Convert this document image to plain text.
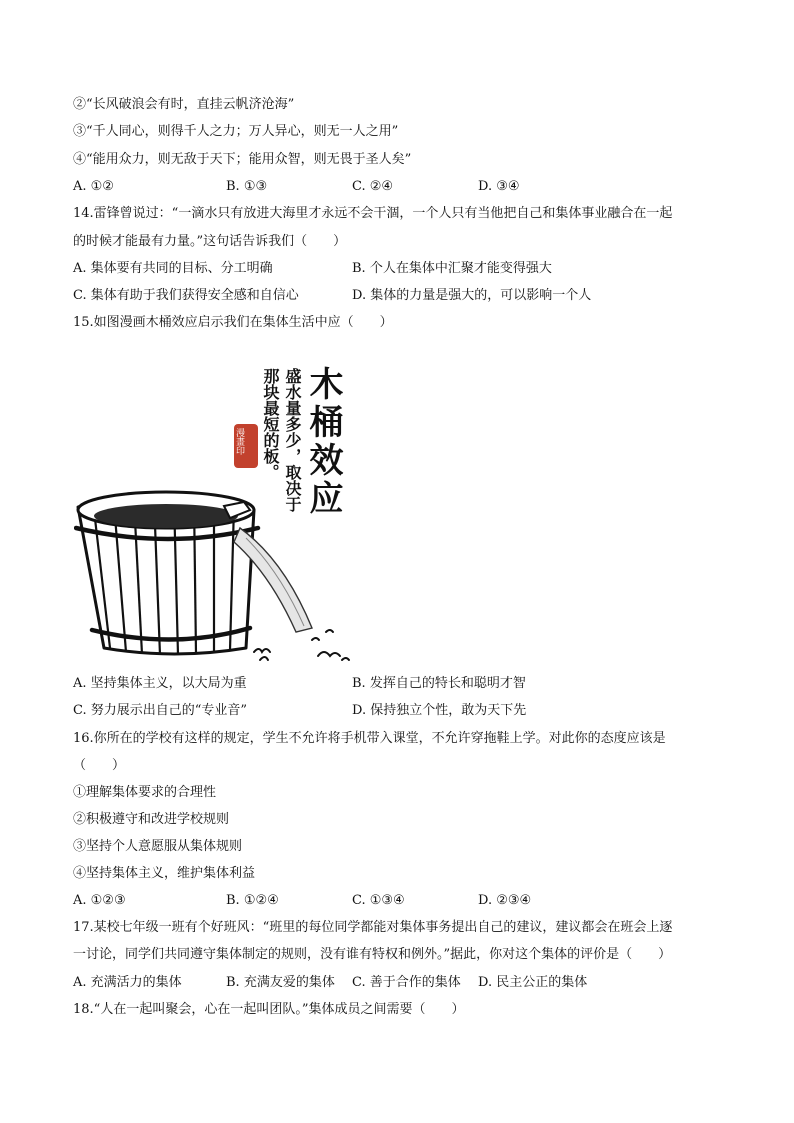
②“长风破浪会有时，直挂云帆济沧海”
③“千人同心，则得千人之力；万人异心，则无一人之用”
④“能用众力，则无敌于天下；能用众智，则无畏于圣人矣”
A. ①②	B. ①③	C. ②④	D. ③④
14.雷锋曾说过：“一滴水只有放进大海里才永远不会干涸，一个人只有当他把自己和集体事业融合在一起
的时候才能最有力量。”这句话告诉我们（　　）
A. 集体要有共同的目标、分工明确	B. 个人在集体中汇聚才能变得强大
C. 集体有助于我们获得安全感和自信心	D. 集体的力量是强大的，可以影响一个人
15.如图漫画木桶效应启示我们在集体生活中应（　　）
漫畫印 木桶效应
盛水量多少，取决于
那块最短的板。
A. 坚持集体主义，以大局为重	B. 发挥自己的特长和聪明才智
C. 努力展示出自己的“专业音”	D. 保持独立个性，敢为天下先
16.你所在的学校有这样的规定，学生不允许将手机带入课堂，不允许穿拖鞋上学。对此你的态度应该是
（　　）
①理解集体要求的合理性
②积极遵守和改进学校规则
③坚持个人意愿服从集体规则
④坚持集体主义，维护集体利益
A. ①②③	B. ①②④	C. ①③④	D. ②③④
17.某校七年级一班有个好班风：“班里的每位同学都能对集体事务提出自己的建议，建议都会在班会上逐
一讨论，同学们共同遵守集体制定的规则，没有谁有特权和例外。”据此，你对这个集体的评价是（　　）
A. 充满活力的集体	B. 充满友爱的集体 C. 善于合作的集体 D. 民主公正的集体
18.“人在一起叫聚会，心在一起叫团队。”集体成员之间需要（　　）
